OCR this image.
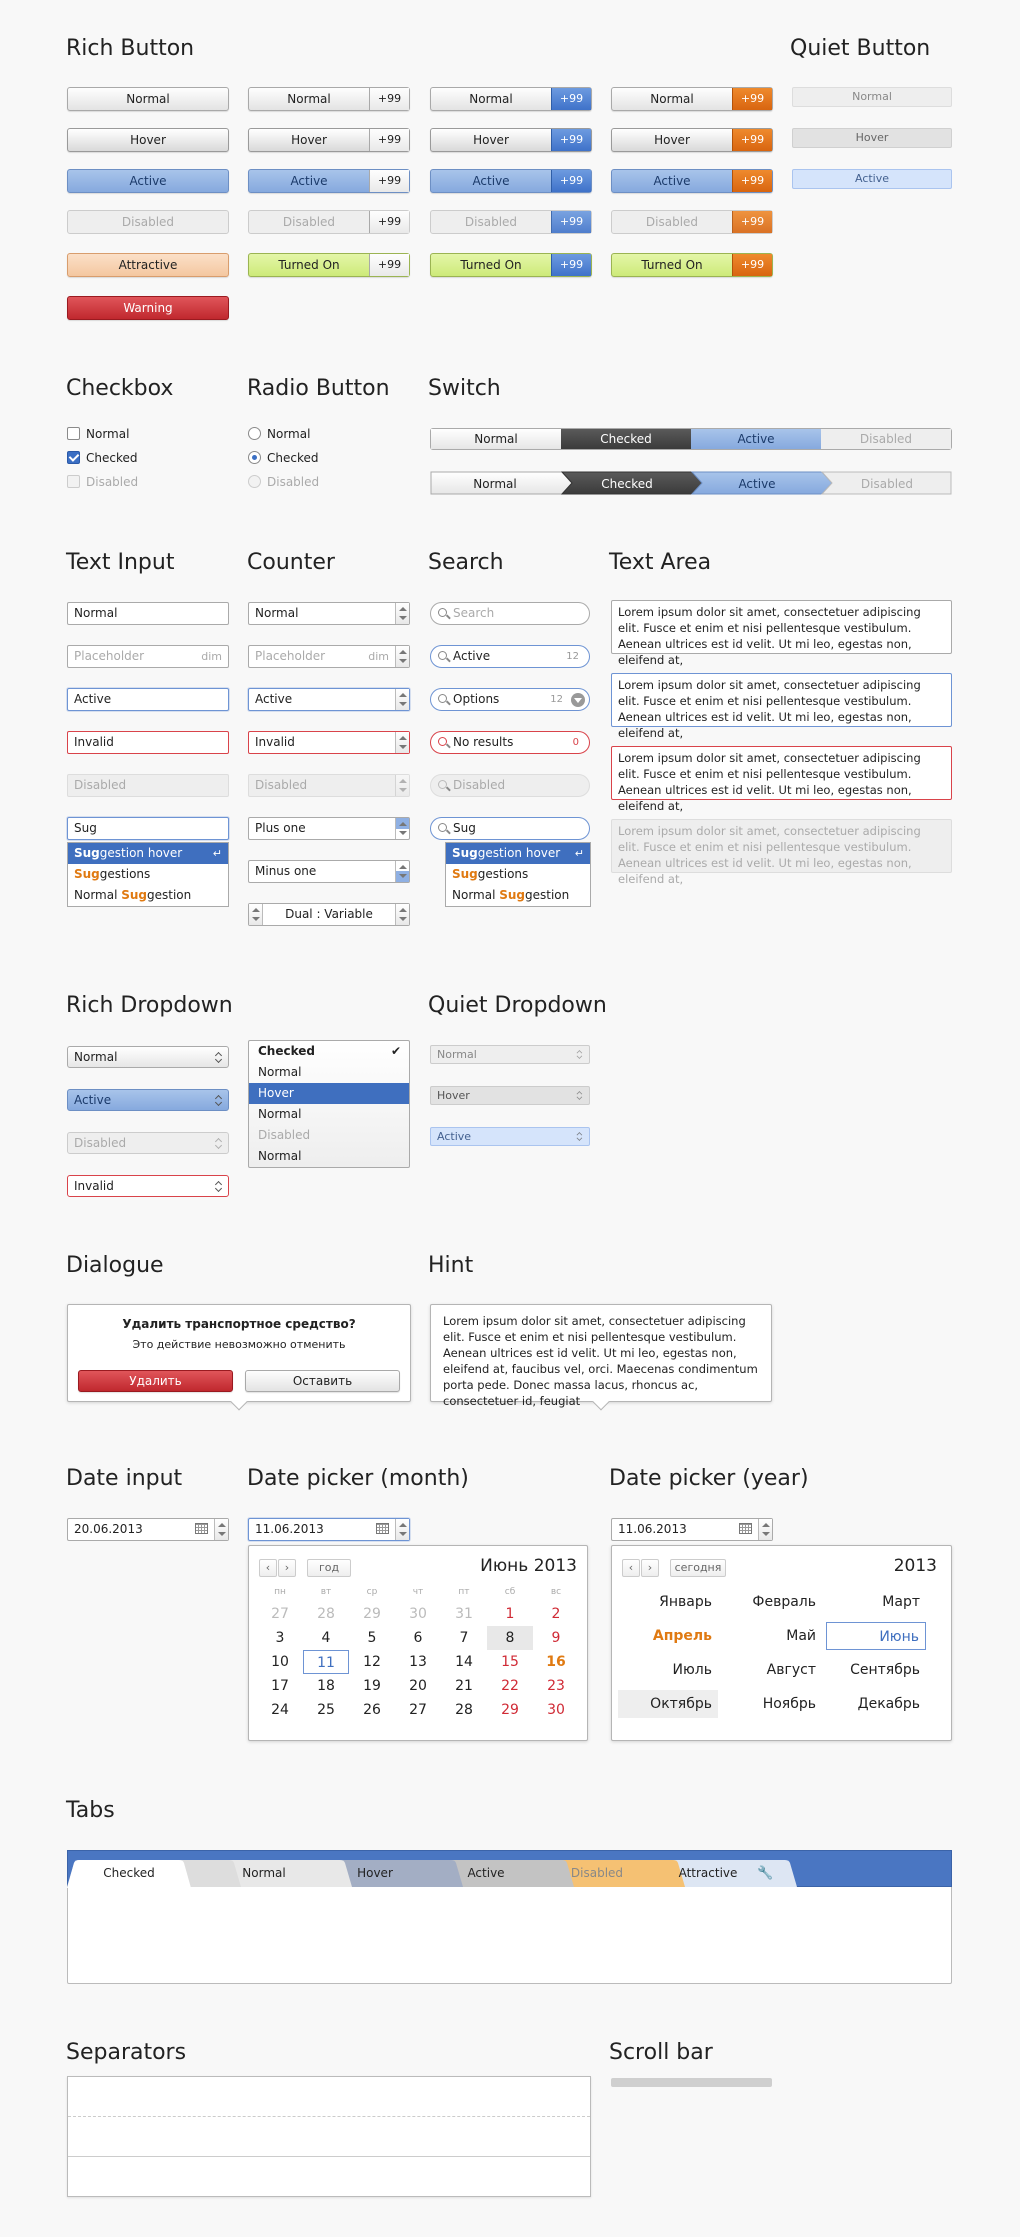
Rich Button	Quiet Button
Normal
Hover
Active
Disabled
Attractive
Warning
Normal	+99
Hover	+99
Active	+99
Disabled	+99
Turned On	+99
Normal	+99
Hover	+99
Active	+99
Disabled	+99
Turned On	+99
Normal	+99
Hover	+99
Active	+99
Disabled	+99
Turned On	+99
Normal
Hover
Active
Checkbox	Radio Button Switch
Normal
Checked
Disabled
Normal
Checked
Disabled
Normal	Checked	Active	Disabled
Normal	Checked	Active	Disabled
Text Input	Counter	Search	Text Area
Normal
Placeholder	dim
Active
Invalid
Disabled
Sug
Suggestion hover	↵
Suggestions
Normal Suggestion
Normal
Placeholder	dim
Active
Invalid
Disabled
Plus one
Minus one
Dual : Variable
Search
Active	12
Options	12
No results	0
Disabled
Sug
Suggestion hover ↵
Suggestions
Normal Suggestion
Lorem ipsum dolor sit amet, consectetuer adipiscing elit. Fusce et enim et nisi pellentesque vestibulum. Aenean ultrices est id velit. Ut mi leo, egestas non, eleifend at,
Lorem ipsum dolor sit amet, consectetuer adipiscing elit. Fusce et enim et nisi pellentesque vestibulum. Aenean ultrices est id velit. Ut mi leo, egestas non, eleifend at,
Lorem ipsum dolor sit amet, consectetuer adipiscing elit. Fusce et enim et nisi pellentesque vestibulum. Aenean ultrices est id velit. Ut mi leo, egestas non, eleifend at,
Lorem ipsum dolor sit amet, consectetuer adipiscing elit. Fusce et enim et nisi pellentesque vestibulum. Aenean ultrices est id velit. Ut mi leo, egestas non, eleifend at,
Rich Dropdown	Quiet Dropdown
Normal
Active
Disabled
Invalid
Checked	✔
Normal
Hover
Normal
Disabled
Normal
Normal
Hover
Active
Dialogue	Hint
Удалить транспортное средство?
Это действие невозможно отменить
Удалить	Оставить
Lorem ipsum dolor sit amet, consectetuer adipiscing elit. Fusce et enim et nisi pellentesque vestibulum. Aenean ultrices est id velit. Ut mi leo, egestas non, eleifend at, faucibus vel, orci. Maecenas condimentum porta pede. Donec massa lacus, rhoncus ac, consectetuer id, feugiat
Date input	Date picker (month)	Date picker (year)
20.06.2013	11.06.2013
‹	›	год	Июнь 2013
пн	вт	ср	чт	пт	сб	вс
27	28	29	30	31	1	2
3	4	5	6	7	8	9
10	11	12	13	14	15	16
17	18	19	20	21	22	23
24	25	26	27	28	29	30
11.06.2013
‹	›	сегодня	2013
Январь	Февраль	Март
Апрель	Май	Июнь
Июль	Август	Сентябрь
Октябрь	Ноябрь	Декабрь
Tabs
Checked	Normal	Hover	Active	Disabled	Attractive	🔧
Separators	Scroll bar
